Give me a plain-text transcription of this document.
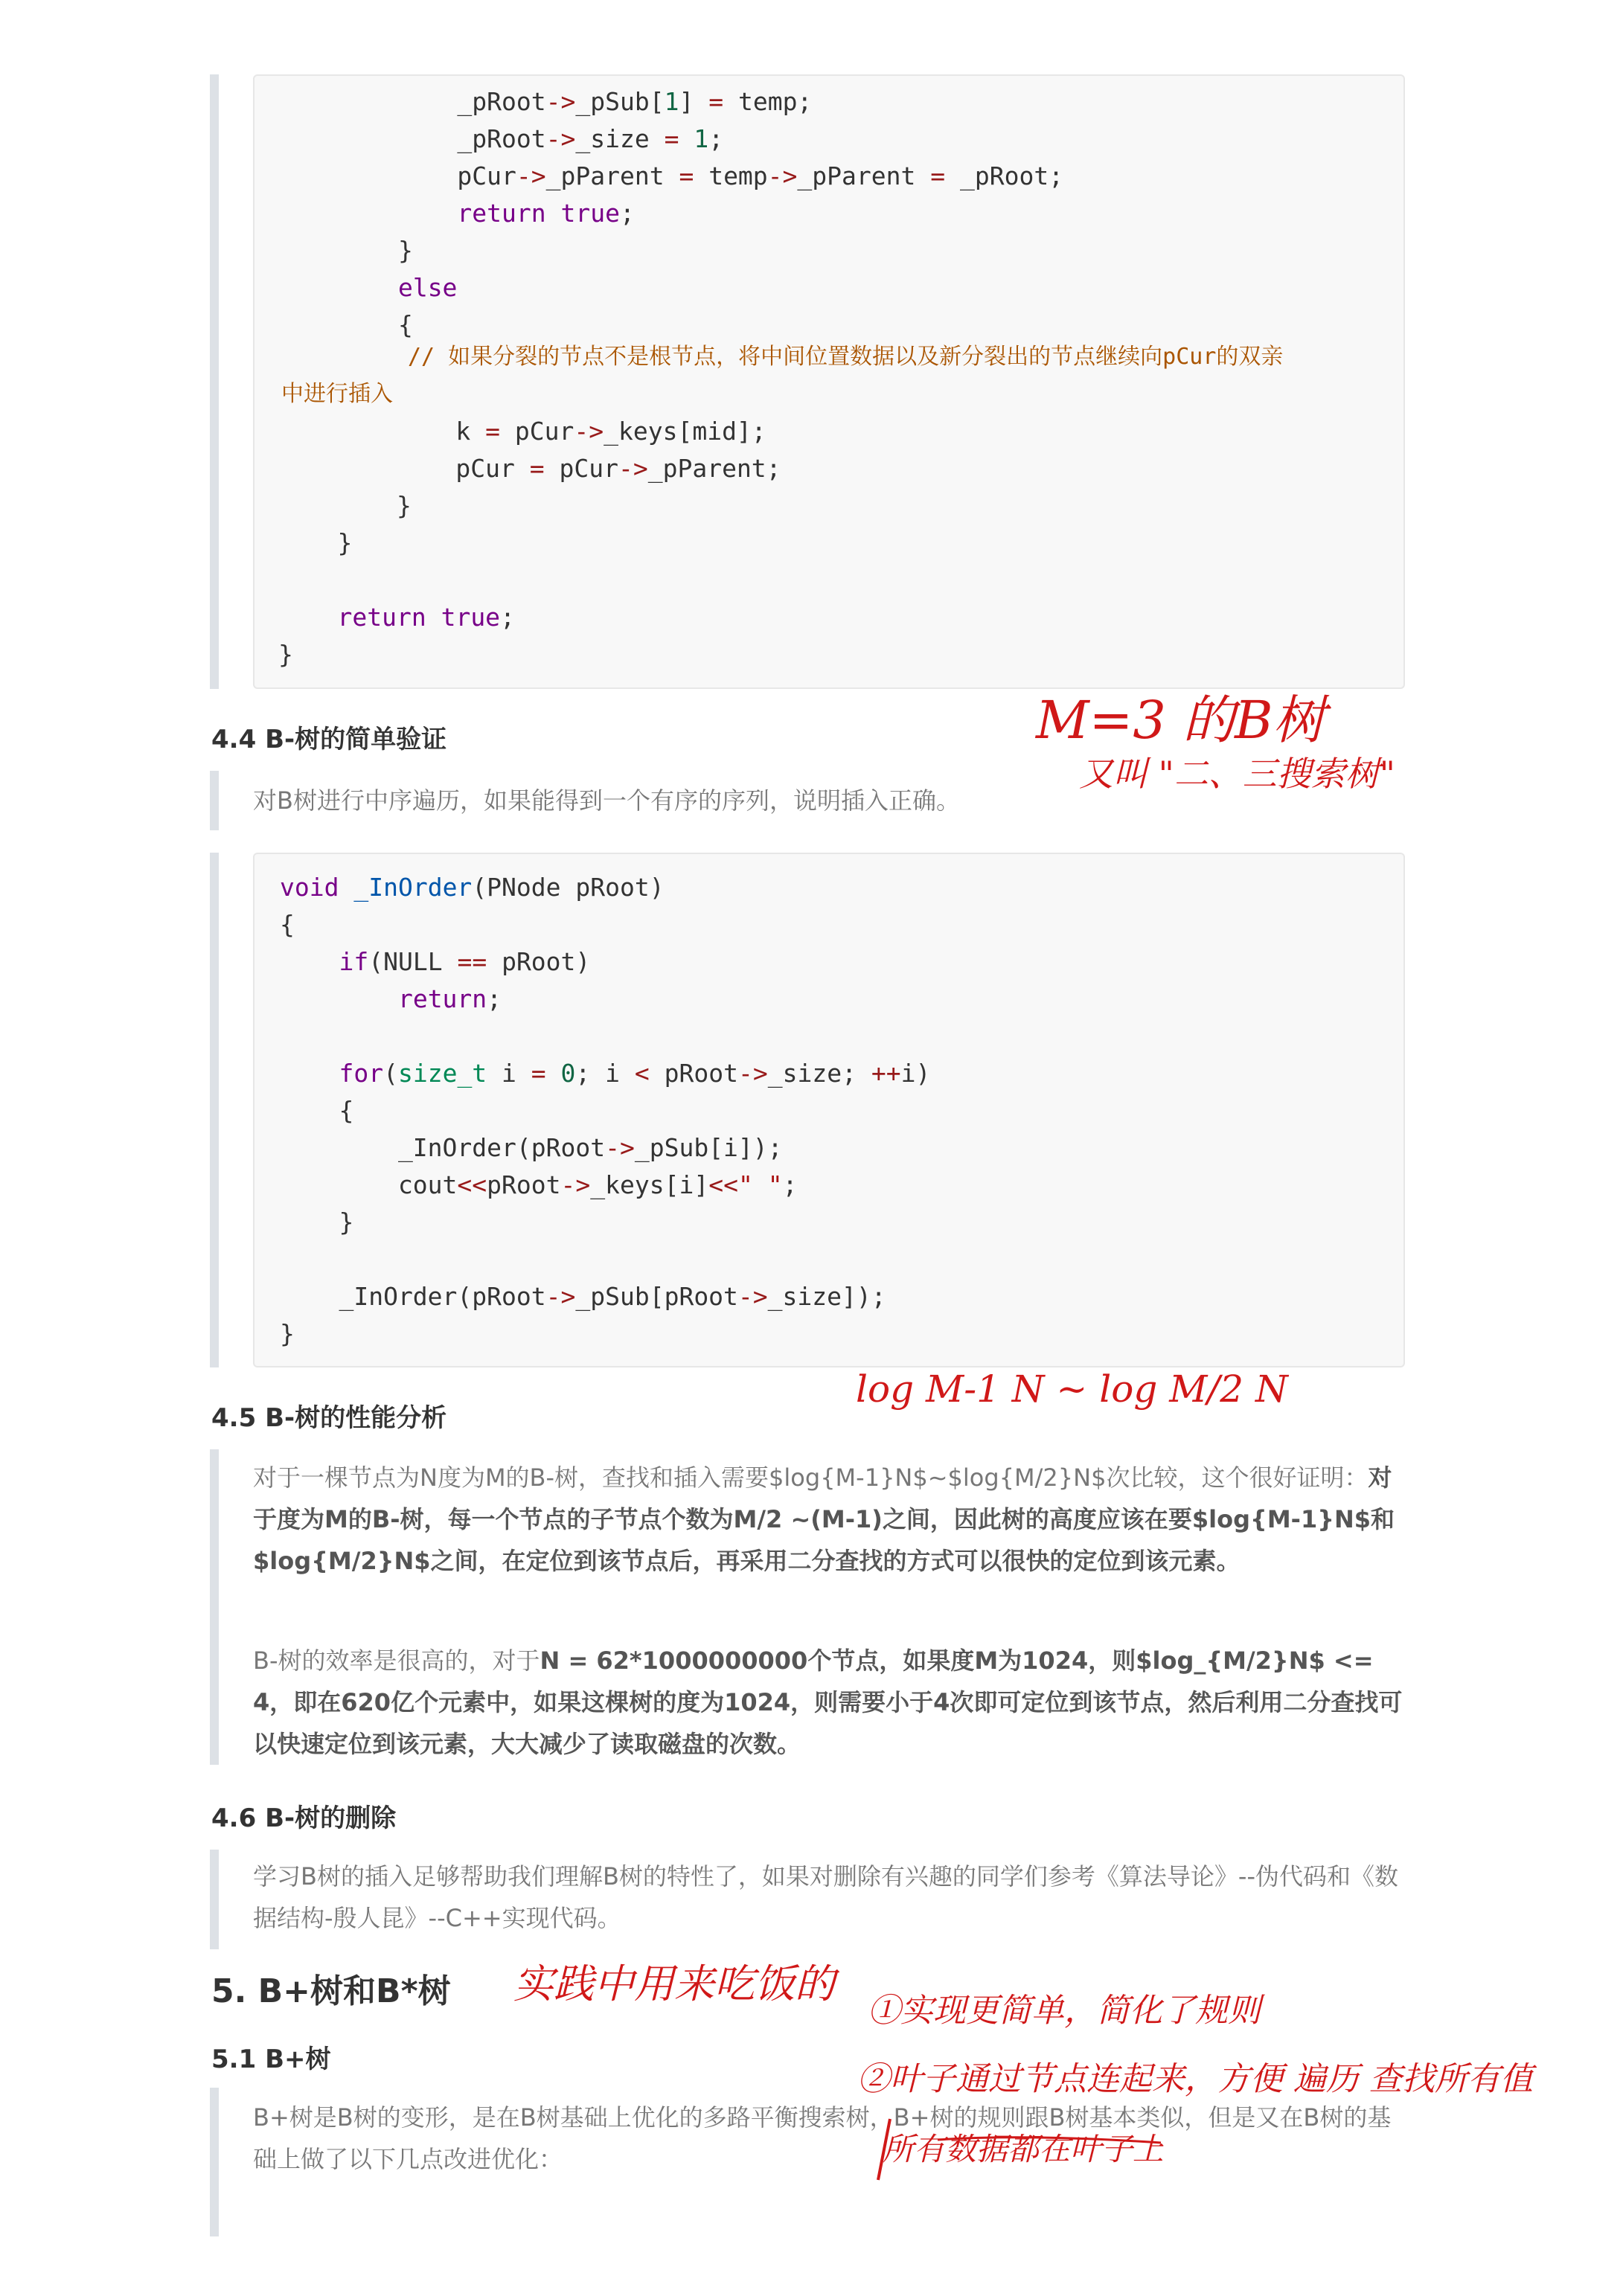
_pRoot->_pSub[1] = temp;
_pRoot->_size = 1;
pCur->_pParent = temp->_pParent = _pRoot;
return true;
}
else
{
// 如果分裂的节点不是根节点，将中间位置数据以及新分裂出的节点继续向pCur的双亲
中进行插入
k = pCur->_keys[mid];
pCur = pCur->_pParent;
}
}

return true;
}
4.4 B-树的简单验证

对B树进行中序遍历，如果能得到一个有序的序列，说明插入正确。

void _InOrder(PNode pRoot)
{
if(NULL == pRoot)
return;

for(size_t i = 0; i < pRoot->_size; ++i)
{
_InOrder(pRoot->_pSub[i]);
cout<<pRoot->_keys[i]<<" ";
}

_InOrder(pRoot->_pSub[pRoot->_size]);
}
4.5 B-树的性能分析

对于一棵节点为N度为M的B-树，查找和插入需要$log{M-1}N$~$log{M/2}N$次比较，这个很好证明：对于度为M的B-树，每一个节点的子节点个数为M/2 ~(M-1)之间，因此树的高度应该在要$log{M-1}N$和$log{M/2}N$之间，在定位到该节点后，再采用二分查找的方式可以很快的定位到该元素。

B-树的效率是很高的，对于N = 62*1000000000个节点，如果度M为1024，则$log_{M/2}N$ <= 4，即在620亿个元素中，如果这棵树的度为1024，则需要小于4次即可定位到该节点，然后利用二分查找可以快速定位到该元素，大大减少了读取磁盘的次数。

4.6 B-树的删除

学习B树的插入足够帮助我们理解B树的特性了，如果对删除有兴趣的同学们参考《算法导论》--伪代码和《数据结构-殷人昆》--C++实现代码。

5. B+树和B*树
5.1 B+树

B+树是B树的变形，是在B树基础上优化的多路平衡搜索树，B+树的规则跟B树基本类似，但是又在B树的基础上做了以下几点改进优化：

M=3 的B树
又叫 "二、三搜索树"
log M-1 N ~ log M/2 N
实践中用来吃饭的
①实现更简单，简化了规则
②叶子通过节点连起来，方便 遍历 查找所有值
所有数据都在叶子上
